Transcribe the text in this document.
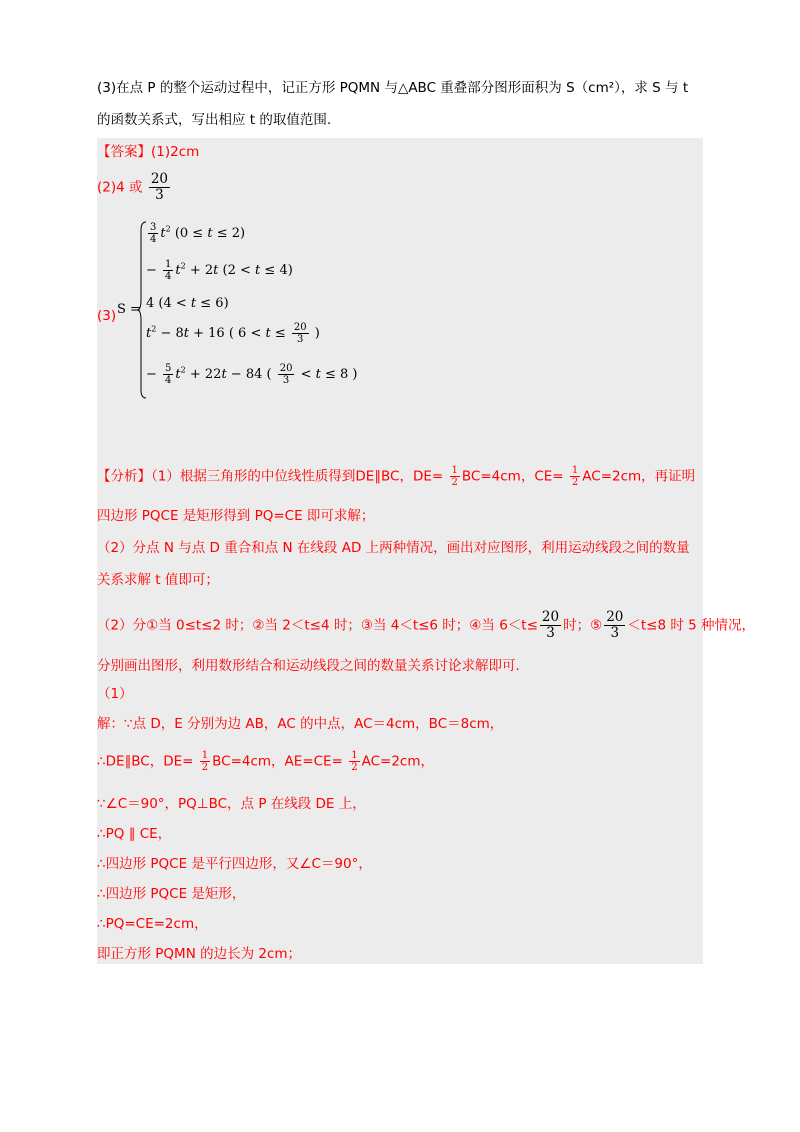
(3)在点 P 的整个运动过程中，记正方形 PQMN 与△ABC 重叠部分图形面积为 S（cm²），求 S 与 t
的函数关系式，写出相应 t 的取值范围.
【答案】(1)2cm
(2)4 或 $\frac{20}{3}$
(3) S =
$\frac{3}{4} t^2$ (0 ≤ t ≤ 2)
− $\frac{1}{4} t^2 + 2t$ (2 < t ≤ 4)
4 (4 < t ≤ 6)
$t^2 - 8t + 16$ ( $6 < t \le \frac{20}{3}$ )
− $\frac{5}{4} t^2 + 22t - 84$ ( $\frac{20}{3} < t \le 8$ )
【分析】（1）根据三角形的中位线性质得到DE∥BC，$DE= \frac{1}{2} BC=4cm$，$CE= \frac{1}{2} AC=2cm$，再证明
四边形 PQCE 是矩形得到 PQ=CE 即可求解；
（2）分点 N 与点 D 重合和点 N 在线段 AD 上两种情况，画出对应图形，利用运动线段之间的数量
关系求解 t 值即可；
（2）分①当 0≤t≤2 时；②当 2＜t≤4 时；③当 4＜t≤6 时；④当 $6<t\le \frac{20}{3}$ 时；⑤ $\frac{20}{3} <t\le 8$ 时 5 种情况，
分别画出图形，利用数形结合和运动线段之间的数量关系讨论求解即可.
（1）
解：∵点 D，E 分别为边 AB，AC 的中点，AC＝4cm，BC＝8cm，
∴DE∥BC，$DE= \frac{1}{2} BC=4cm$，$AE=CE= \frac{1}{2} AC=2cm$，
∵∠C＝90°，PQ⊥BC，点 P 在线段 DE 上，
∴PQ ∥ CE，
∴四边形 PQCE 是平行四边形，又∠C＝90°，
∴四边形 PQCE 是矩形，
∴PQ=CE=2cm，
即正方形 PQMN 的边长为 2cm；
